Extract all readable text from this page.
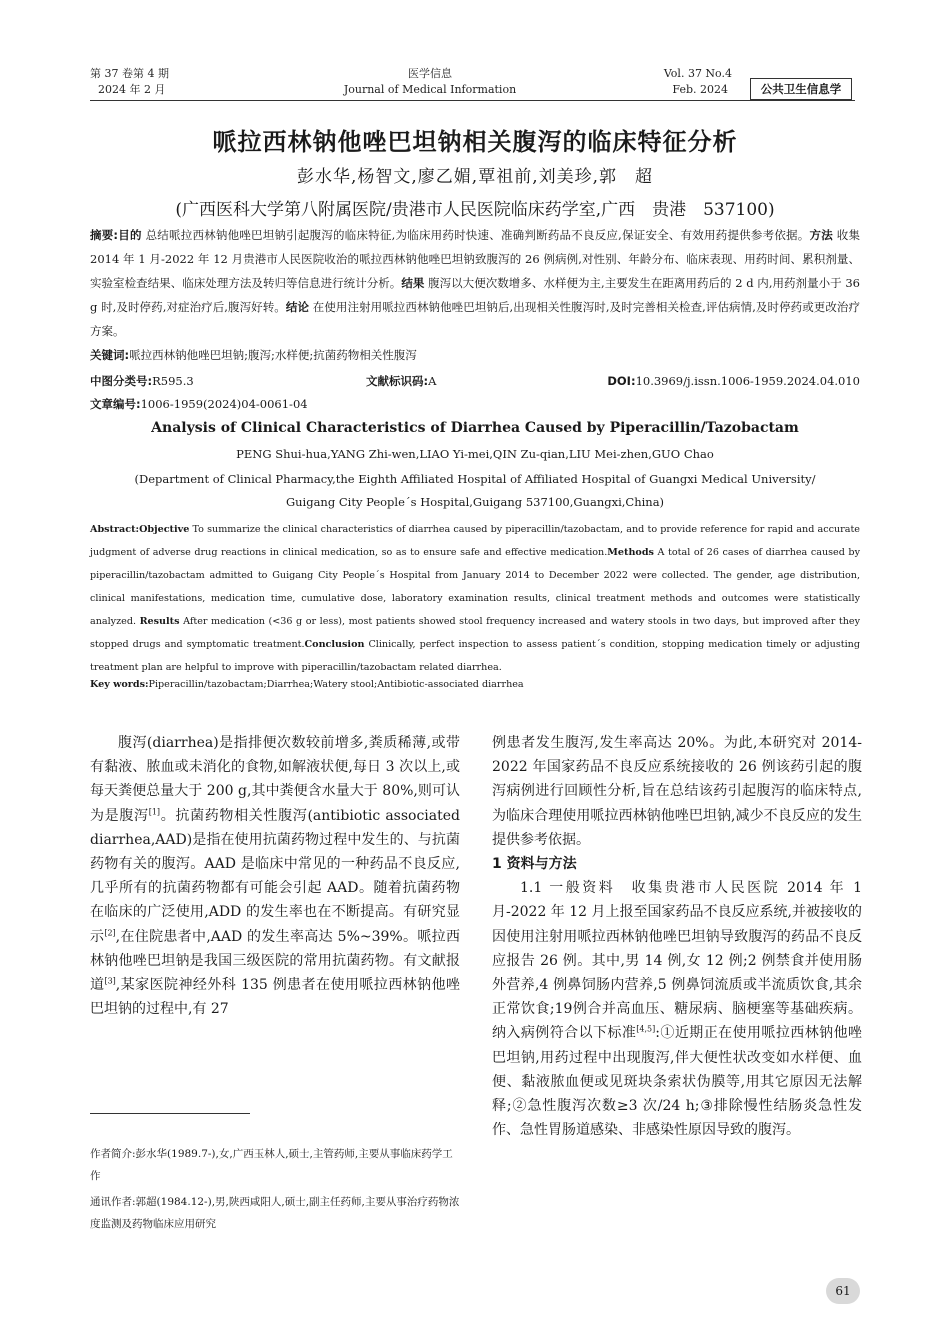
第 37 卷第 4 期
2024 年 2 月
医学信息
Journal of Medical Information
Vol. 37 No.4
Feb. 2024	公共卫生信息学
哌拉西林钠他唑巴坦钠相关腹泻的临床特征分析
彭水华,杨智文,廖乙媚,覃祖前,刘美珍,郭　超
(广西医科大学第八附属医院/贵港市人民医院临床药学室,广西　贵港　537100)
摘要:目的 总结哌拉西林钠他唑巴坦钠引起腹泻的临床特征,为临床用药时快速、准确判断药品不良反应,保证安全、有效用药提供参考依据。方法 收集 2014 年 1 月-2022 年 12 月贵港市人民医院收治的哌拉西林钠他唑巴坦钠致腹泻的 26 例病例,对性别、年龄分布、临床表现、用药时间、累积剂量、实验室检查结果、临床处理方法及转归等信息进行统计分析。结果 腹泻以大便次数增多、水样便为主,主要发生在距离用药后的 2 d 内,用药剂量小于 36 g 时,及时停药,对症治疗后,腹泻好转。结论 在使用注射用哌拉西林钠他唑巴坦钠后,出现相关性腹泻时,及时完善相关检查,评估病情,及时停药或更改治疗方案。
关键词:哌拉西林钠他唑巴坦钠;腹泻;水样便;抗菌药物相关性腹泻
中图分类号:R595.3	文献标识码:A	DOI:10.3969/j.issn.1006-1959.2024.04.010
文章编号:1006-1959(2024)04-0061-04
Analysis of Clinical Characteristics of Diarrhea Caused by Piperacillin/Tazobactam
PENG Shui-hua,YANG Zhi-wen,LIAO Yi-mei,QIN Zu-qian,LIU Mei-zhen,GUO Chao
(Department of Clinical Pharmacy,the Eighth Affiliated Hospital of Affiliated Hospital of Guangxi Medical University/
Guigang City People´s Hospital,Guigang 537100,Guangxi,China)
Abstract:Objective To summarize the clinical characteristics of diarrhea caused by piperacillin/tazobactam, and to provide reference for rapid and accurate judgment of adverse drug reactions in clinical medication, so as to ensure safe and effective medication.Methods A total of 26 cases of diarrhea caused by piperacillin/tazobactam admitted to Guigang City People´s Hospital from January 2014 to December 2022 were collected. The gender, age distribution, clinical manifestations, medication time, cumulative dose, laboratory examination results, clinical treatment methods and outcomes were statistically analyzed. Results After medication (<36 g or less), most patients showed stool frequency increased and watery stools in two days, but improved after they stopped drugs and symptomatic treatment.Conclusion Clinically, perfect inspection to assess patient´s condition, stopping medication timely or adjusting treatment plan are helpful to improve with piperacillin/tazobactam related diarrhea.
Key words:Piperacillin/tazobactam;Diarrhea;Watery stool;Antibiotic-associated diarrhea

腹泻(diarrhea)是指排便次数较前增多,粪质稀薄,或带有黏液、脓血或未消化的食物,如解液状便,每日 3 次以上,或每天粪便总量大于 200 g,其中粪便含水量大于 80%,则可认为是腹泻[1]。抗菌药物相关性腹泻(antibiotic associated diarrhea,AAD)是指在使用抗菌药物过程中发生的、与抗菌药物有关的腹泻。AAD 是临床中常见的一种药品不良反应,几乎所有的抗菌药物都有可能会引起 AAD。随着抗菌药物在临床的广泛使用,ADD 的发生率也在不断提高。有研究显示[2],在住院患者中,AAD 的发生率高达 5%~39%。哌拉西林钠他唑巴坦钠是我国三级医院的常用抗菌药物。有文献报道[3],某家医院神经外科 135 例患者在使用哌拉西林钠他唑巴坦钠的过程中,有 27

例患者发生腹泻,发生率高达 20%。为此,本研究对 2014-2022 年国家药品不良反应系统接收的 26 例该药引起的腹泻病例进行回顾性分析,旨在总结该药引起腹泻的临床特点,为临床合理使用哌拉西林钠他唑巴坦钠,减少不良反应的发生提供参考依据。

1 资料与方法

1.1 一般资料　收集贵港市人民医院 2014 年 1 月-2022 年 12 月上报至国家药品不良反应系统,并被接收的因使用注射用哌拉西林钠他唑巴坦钠导致腹泻的药品不良反应报告 26 例。其中,男 14 例,女 12 例;2 例禁食并使用肠外营养,4 例鼻饲肠内营养,5 例鼻饲流质或半流质饮食,其余正常饮食;19例合并高血压、糖尿病、脑梗塞等基础疾病。纳入病例符合以下标准[4,5]:①近期正在使用哌拉西林钠他唑巴坦钠,用药过程中出现腹泻,伴大便性状改变如水样便、血便、黏液脓血便或见斑块条索状伪膜等,用其它原因无法解释;②急性腹泻次数≥3 次/24 h;③排除慢性结肠炎急性发作、急性胃肠道感染、非感染性原因导致的腹泻。

作者简介:彭水华(1989.7-),女,广西玉林人,硕士,主管药师,主要从事临床药学工作
通讯作者:郭超(1984.12-),男,陕西咸阳人,硕士,副主任药师,主要从事治疗药物浓度监测及药物临床应用研究
61
